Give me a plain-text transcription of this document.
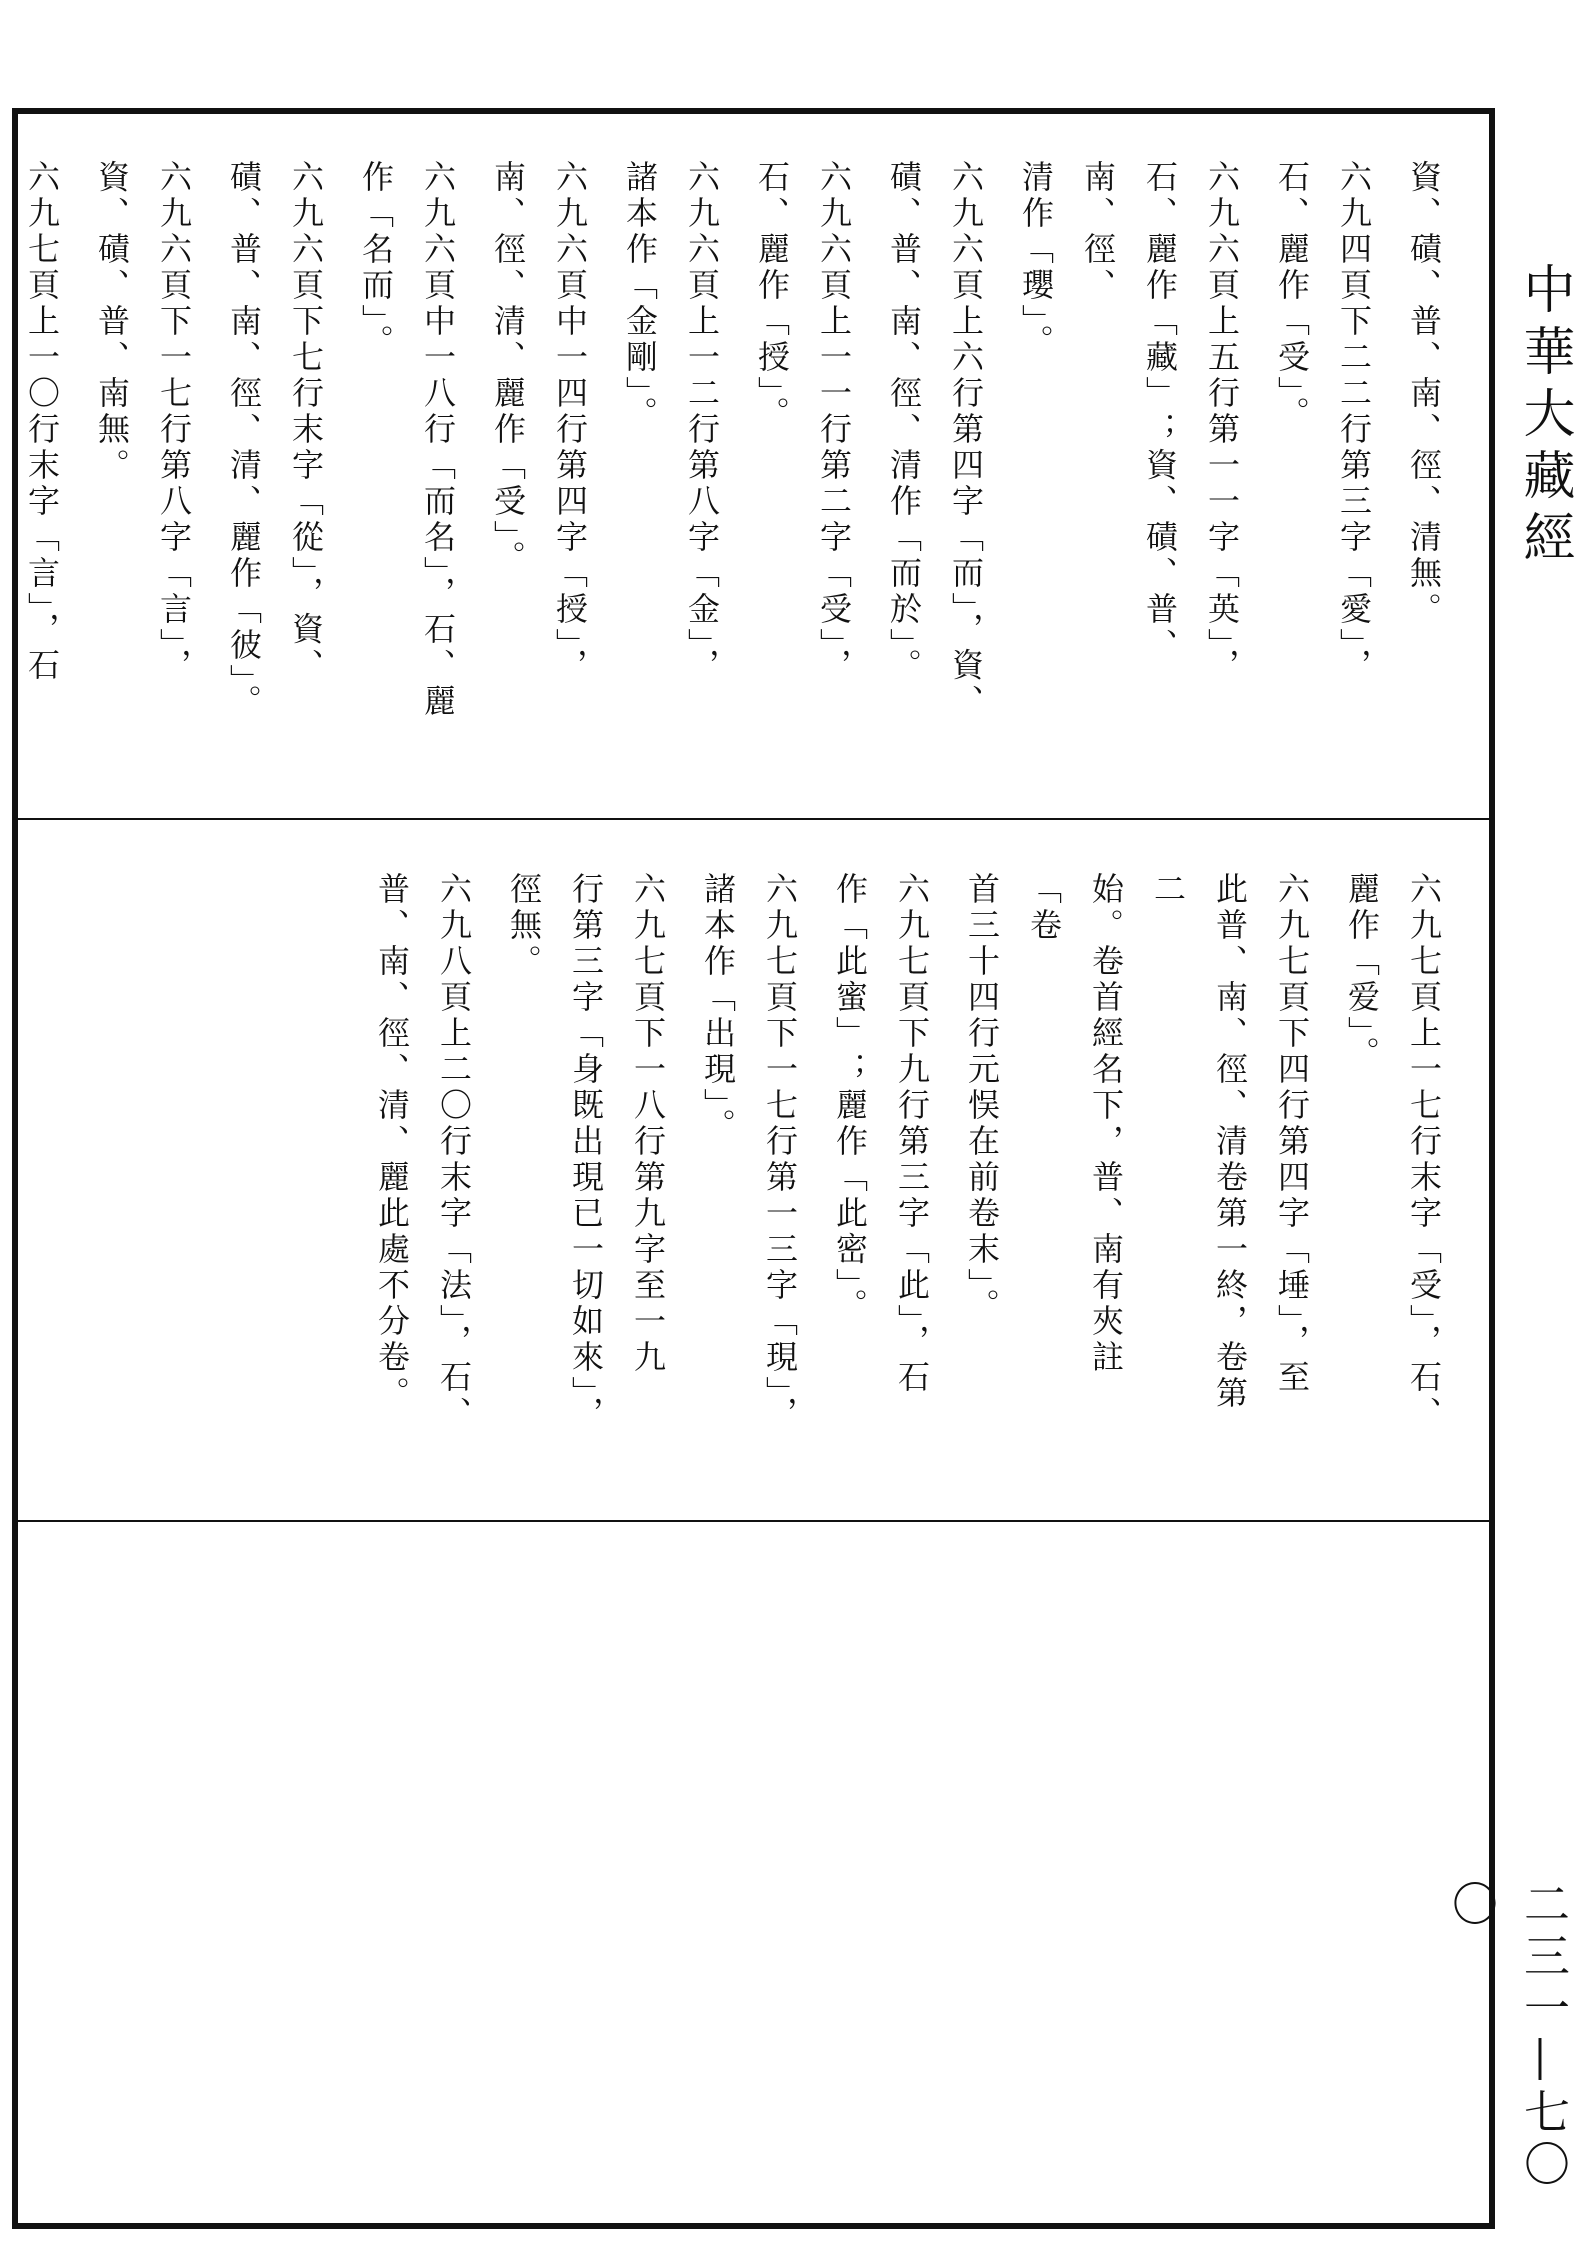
中華大藏經
二三一—七〇〇
資、磧、普、南、徑、清無。
六九四頁下二二行第三字「愛」，
石、麗作「受」。
六九六頁上五行第一一字「英」，
石、麗作「藏」；資、磧、普、南、徑、
清作「瓔」。
六九六頁上六行第四字「而」，資、
磧、普、南、徑、清作「而於」。
六九六頁上一一行第二字「受」，
石、麗作「授」。
六九六頁上一二行第八字「金」，
諸本作「金剛」。
六九六頁中一四行第四字「授」，
南、徑、清、麗作「受」。
六九六頁中一八行「而名」，石、麗
作「名而」。
六九六頁下七行末字「從」，資、
磧、普、南、徑、清、麗作「彼」。
六九六頁下一七行第八字「言」，
資、磧、普、南無。
六九七頁上一〇行末字「言」，石
六九七頁上一七行末字「受」，石、
麗作「爱」。
六九七頁下四行第四字「埵」，至
此普、南、徑、清卷第一終，卷第二
始。卷首經名下，普、南有夾註「卷
首三十四行元悮在前卷末」。
六九七頁下九行第三字「此」，石
作「此蜜」；麗作「此密」。
六九七頁下一七行第一三字「現」，
諸本作「出現」。
六九七頁下一八行第九字至一九
行第三字「身既出現已一切如來」，
徑無。
六九八頁上二〇行末字「法」，石、
普、南、徑、清、麗此處不分卷。
